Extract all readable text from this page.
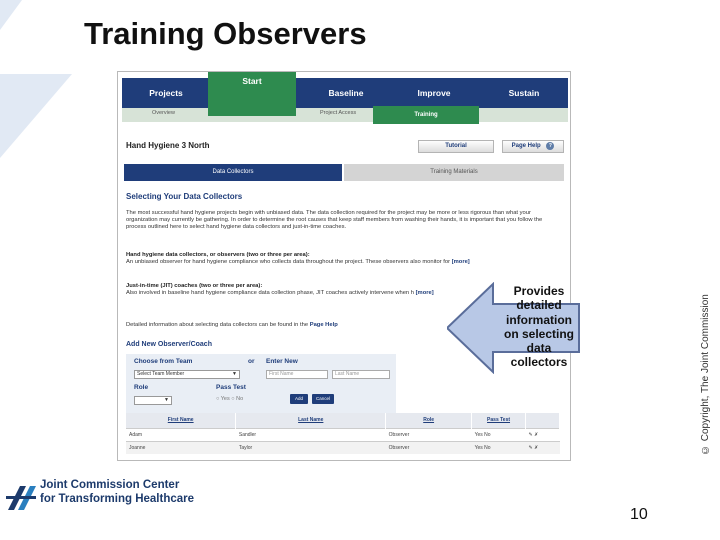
Training Observers
Projects	Baseline	Improve	Sustain
Overview	Project Access
Start
Training
Hand Hygiene 3 North	Tutorial	Page Help ?
Data Collectors	Training Materials
Selecting Your Data Collectors
The most successful hand hygiene projects begin with unbiased data. The data collection required for the project may be more or less rigorous than what your organization may currently be gathering. In order to determine the root causes that keep staff members from washing their hands, it is important that you follow the process outlined here to select hand hygiene data collectors and just-in-time coaches.
Hand hygiene data collectors, or observers (two or three per area):
An unbiased observer for hand hygiene compliance who collects data throughout the project. These observers also monitor for [more]
Just-in-time (JIT) coaches (two or three per area):
Also involved in baseline hand hygiene compliance data collection phase, JIT coaches actively intervene when h [more]
Detailed information about selecting data collectors can be found in the Page Help
Add New Observer/Coach
Choose from Team	or Enter New
Select Team Member	▼	First Name	Last Name
Role	Pass Test
▼	○ Yes ○ No	Add	Cancel
First Name	Last Name	Role	Pass Test	
Adam	Sandler	Observer	Yes No	✎ ✗
Joanne	Taylor	Observer	Yes No	✎ ✗
Provides detailed information on selecting data collectors	© Copyright, The Joint Commission
10
Joint Commission Center
for Transforming Healthcare
